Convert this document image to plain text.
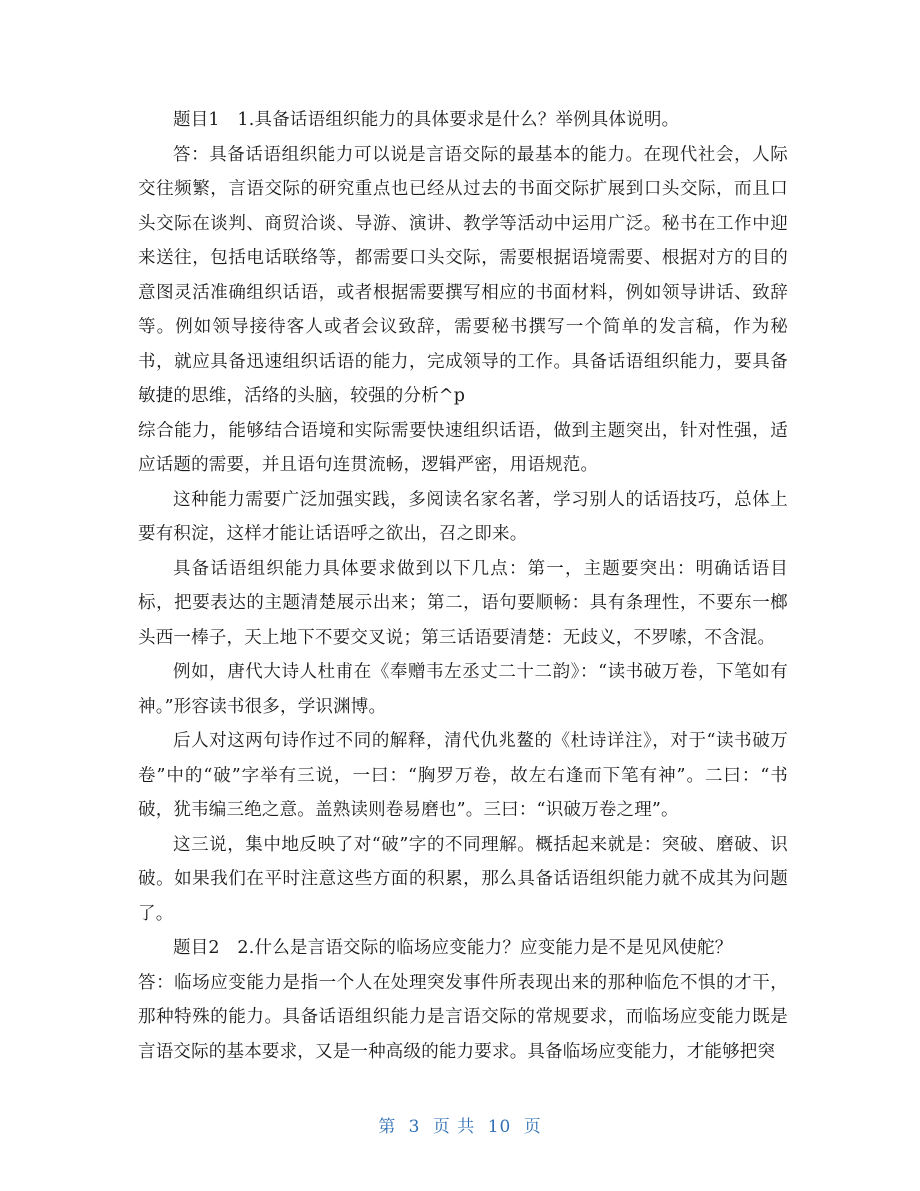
题目1　1.具备话语组织能力的具体要求是什么？举例具体说明。

答：具备话语组织能力可以说是言语交际的最基本的能力。在现代社会，人际交往频繁，言语交际的研究重点也已经从过去的书面交际扩展到口头交际，而且口头交际在谈判、商贸洽谈、导游、演讲、教学等活动中运用广泛。秘书在工作中迎来送往，包括电话联络等，都需要口头交际，需要根据语境需要、根据对方的目的意图灵活准确组织话语，或者根据需要撰写相应的书面材料，例如领导讲话、致辞等。例如领导接待客人或者会议致辞，需要秘书撰写一个简单的发言稿，作为秘书，就应具备迅速组织话语的能力，完成领导的工作。具备话语组织能力，要具备敏捷的思维，活络的头脑，较强的分析^p

综合能力，能够结合语境和实际需要快速组织话语，做到主题突出，针对性强，适应话题的需要，并且语句连贯流畅，逻辑严密，用语规范。

这种能力需要广泛加强实践，多阅读名家名著，学习别人的话语技巧，总体上要有积淀，这样才能让话语呼之欲出，召之即来。

具备话语组织能力具体要求做到以下几点：第一，主题要突出：明确话语目标，把要表达的主题清楚展示出来；第二，语句要顺畅：具有条理性，不要东一榔头西一棒子，天上地下不要交叉说；第三话语要清楚：无歧义，不罗嗦，不含混。

例如，唐代大诗人杜甫在《奉赠韦左丞丈二十二韵》：“读书破万卷，下笔如有神。”形容读书很多，学识渊博。

后人对这两句诗作过不同的解释，清代仇兆鳌的《杜诗详注》，对于“读书破万卷”中的“破”字举有三说，一曰：“胸罗万卷，故左右逢而下笔有神”。二曰：“书破，犹韦编三绝之意。盖熟读则卷易磨也”。三曰：“识破万卷之理”。

这三说，集中地反映了对“破”字的不同理解。概括起来就是：突破、磨破、识破。如果我们在平时注意这些方面的积累，那么具备话语组织能力就不成其为问题了。

题目2　2.什么是言语交际的临场应变能力？应变能力是不是见风使舵？

答：临场应变能力是指一个人在处理突发事件所表现出来的那种临危不惧的才干，那种特殊的能力。具备话语组织能力是言语交际的常规要求，而临场应变能力既是言语交际的基本要求，又是一种高级的能力要求。具备临场应变能力，才能够把突

第 3 页 共 10 页
